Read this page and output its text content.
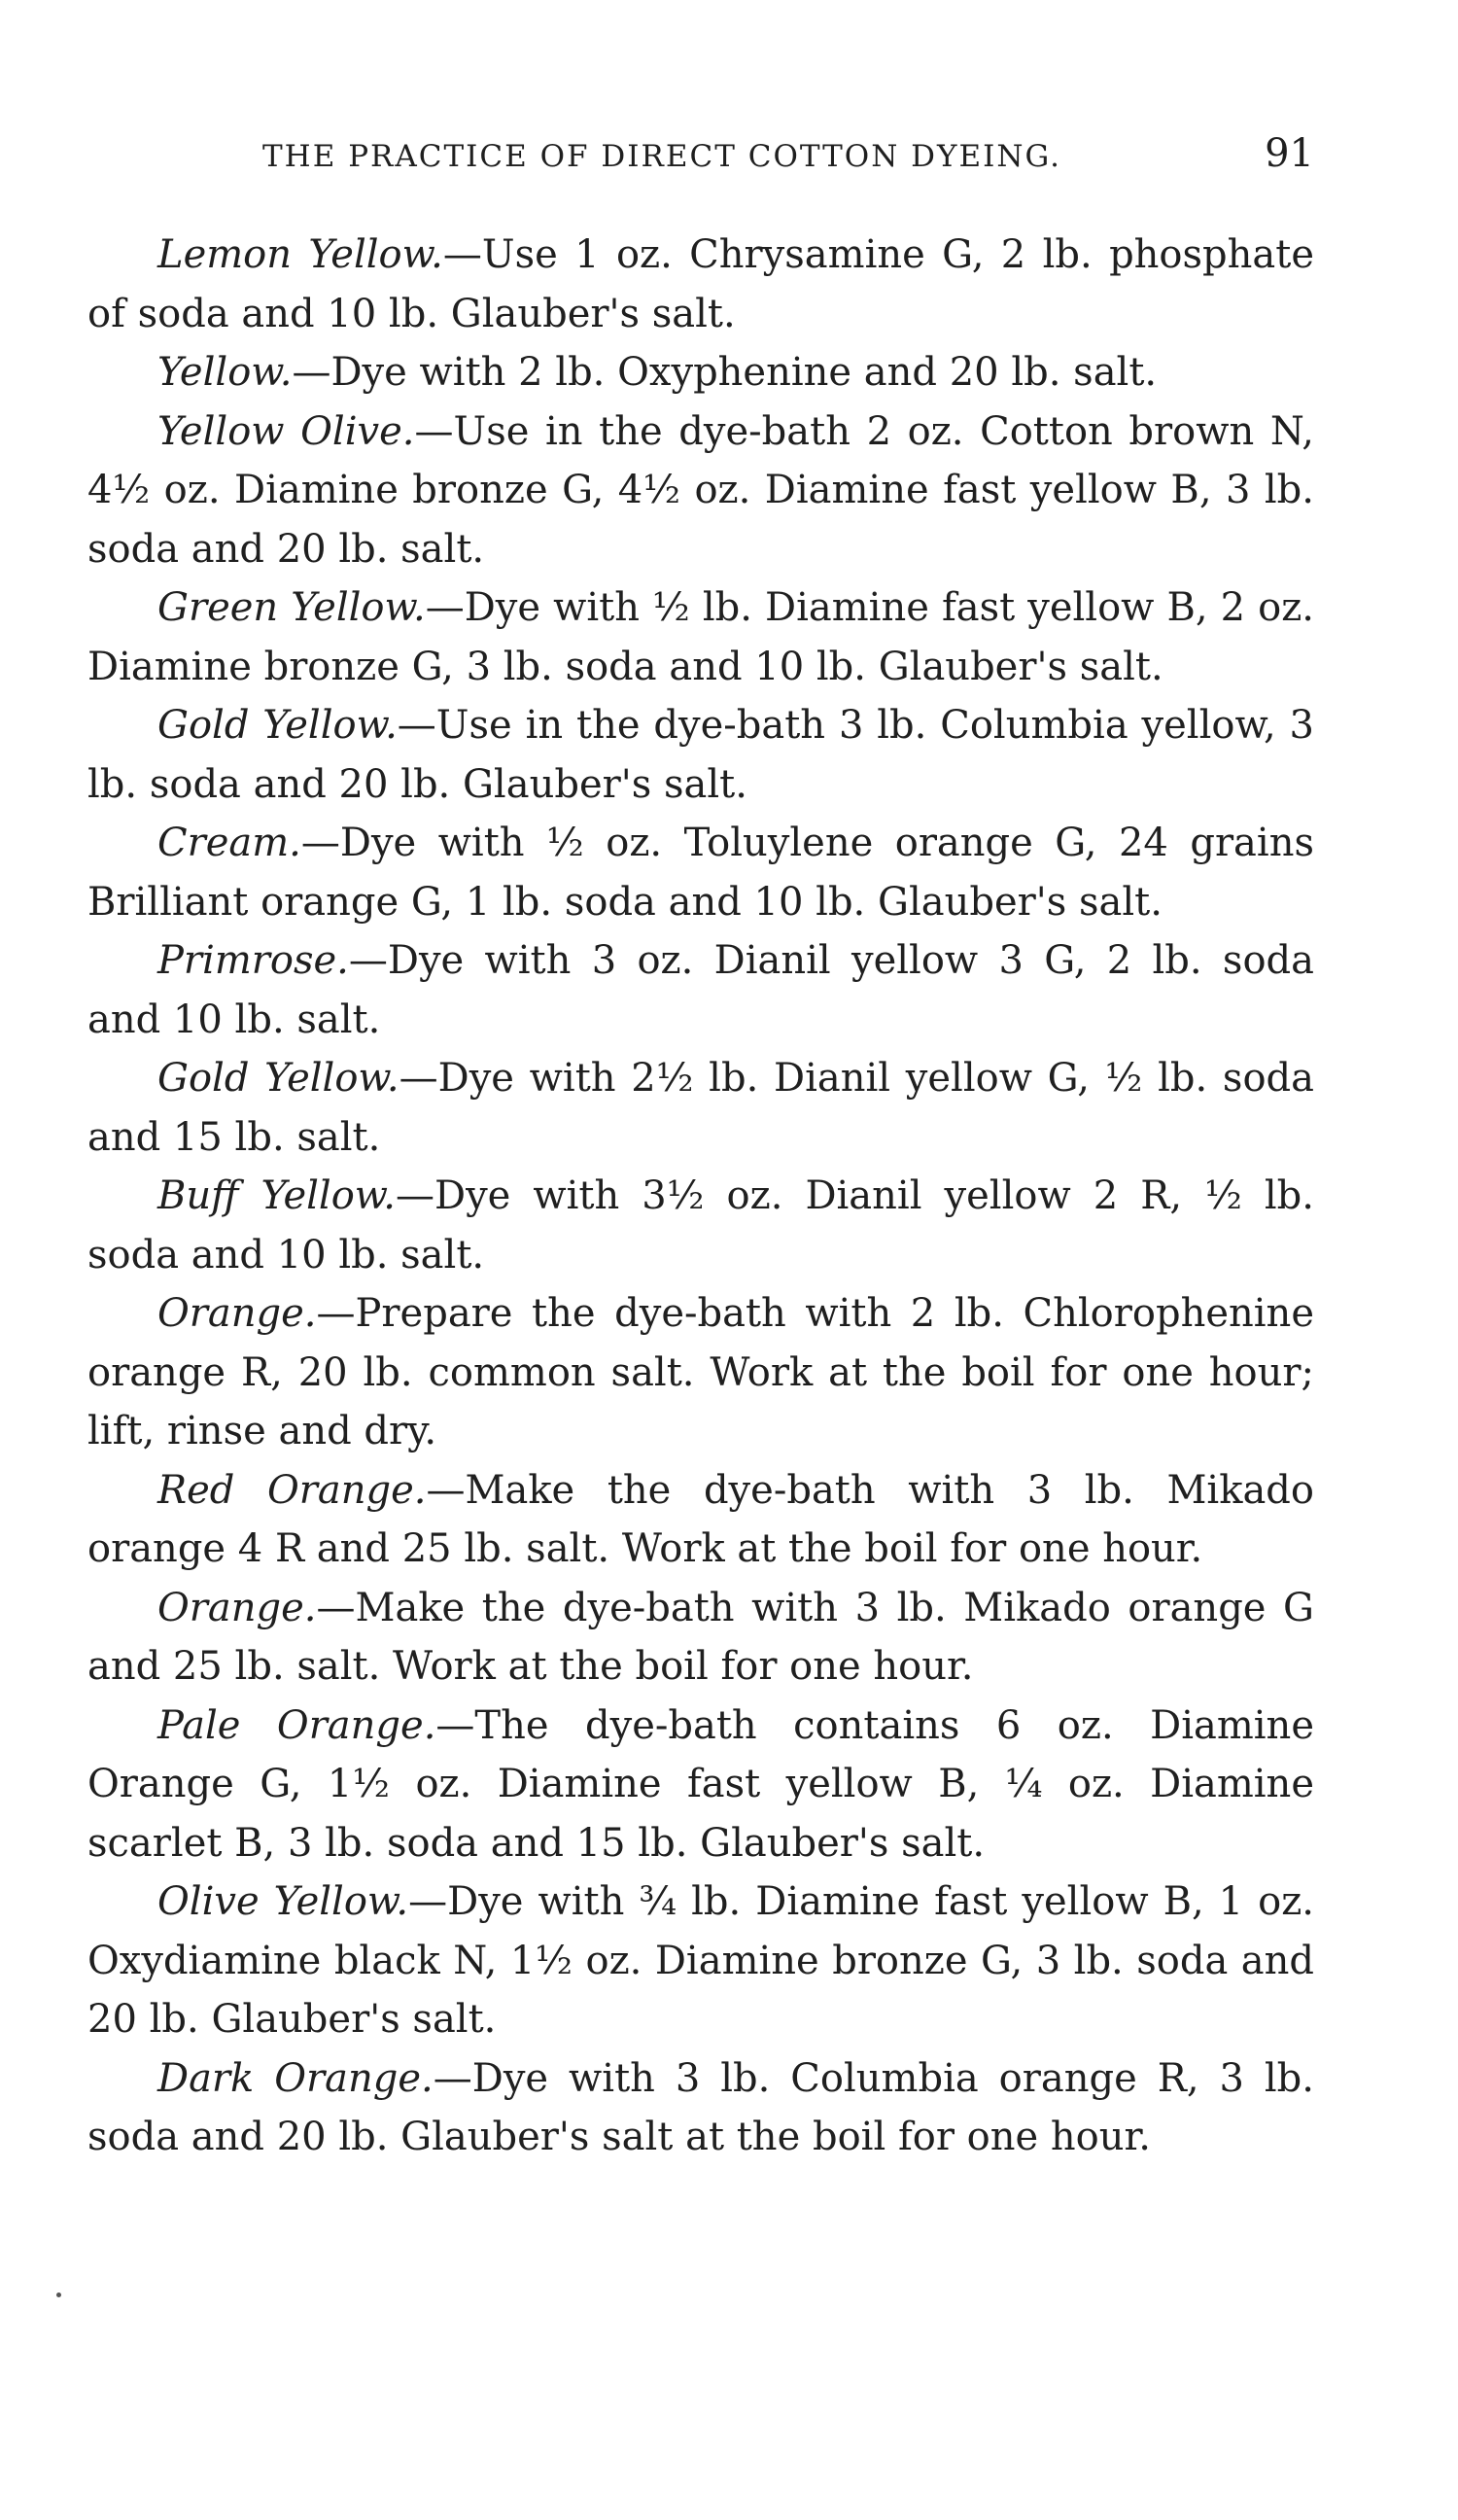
THE PRACTICE OF DIRECT COTTON DYEING.	91

Lemon Yellow.—Use 1 oz. Chrysamine G, 2 lb. phosphate of soda and 10 lb. Glauber's salt.

Yellow.—Dye with 2 lb. Oxyphenine and 20 lb. salt.

Yellow Olive.—Use in the dye-bath 2 oz. Cotton brown N, 4½ oz. Diamine bronze G, 4½ oz. Diamine fast yellow B, 3 lb. soda and 20 lb. salt.

Green Yellow.—Dye with ½ lb. Diamine fast yellow B, 2 oz. Diamine bronze G, 3 lb. soda and 10 lb. Glauber's salt.

Gold Yellow.—Use in the dye-bath 3 lb. Columbia yellow, 3 lb. soda and 20 lb. Glauber's salt.

Cream.—Dye with ½ oz. Toluylene orange G, 24 grains Brilliant orange G, 1 lb. soda and 10 lb. Glauber's salt.

Primrose.—Dye with 3 oz. Dianil yellow 3 G, 2 lb. soda and 10 lb. salt.

Gold Yellow.—Dye with 2½ lb. Dianil yellow G, ½ lb. soda and 15 lb. salt.

Buff Yellow.—Dye with 3½ oz. Dianil yellow 2 R, ½ lb. soda and 10 lb. salt.

Orange.—Prepare the dye-bath with 2 lb. Chlorophenine orange R, 20 lb. common salt. Work at the boil for one hour; lift, rinse and dry.

Red Orange.—Make the dye-bath with 3 lb. Mikado orange 4 R and 25 lb. salt. Work at the boil for one hour.

Orange.—Make the dye-bath with 3 lb. Mikado orange G and 25 lb. salt. Work at the boil for one hour.

Pale Orange.—The dye-bath contains 6 oz. Diamine Orange G, 1½ oz. Diamine fast yellow B, ¼ oz. Diamine scarlet B, 3 lb. soda and 15 lb. Glauber's salt.

Olive Yellow.—Dye with ¾ lb. Diamine fast yellow B, 1 oz. Oxydiamine black N, 1½ oz. Diamine bronze G, 3 lb. soda and 20 lb. Glauber's salt.

Dark Orange.—Dye with 3 lb. Columbia orange R, 3 lb. soda and 20 lb. Glauber's salt at the boil for one hour.
